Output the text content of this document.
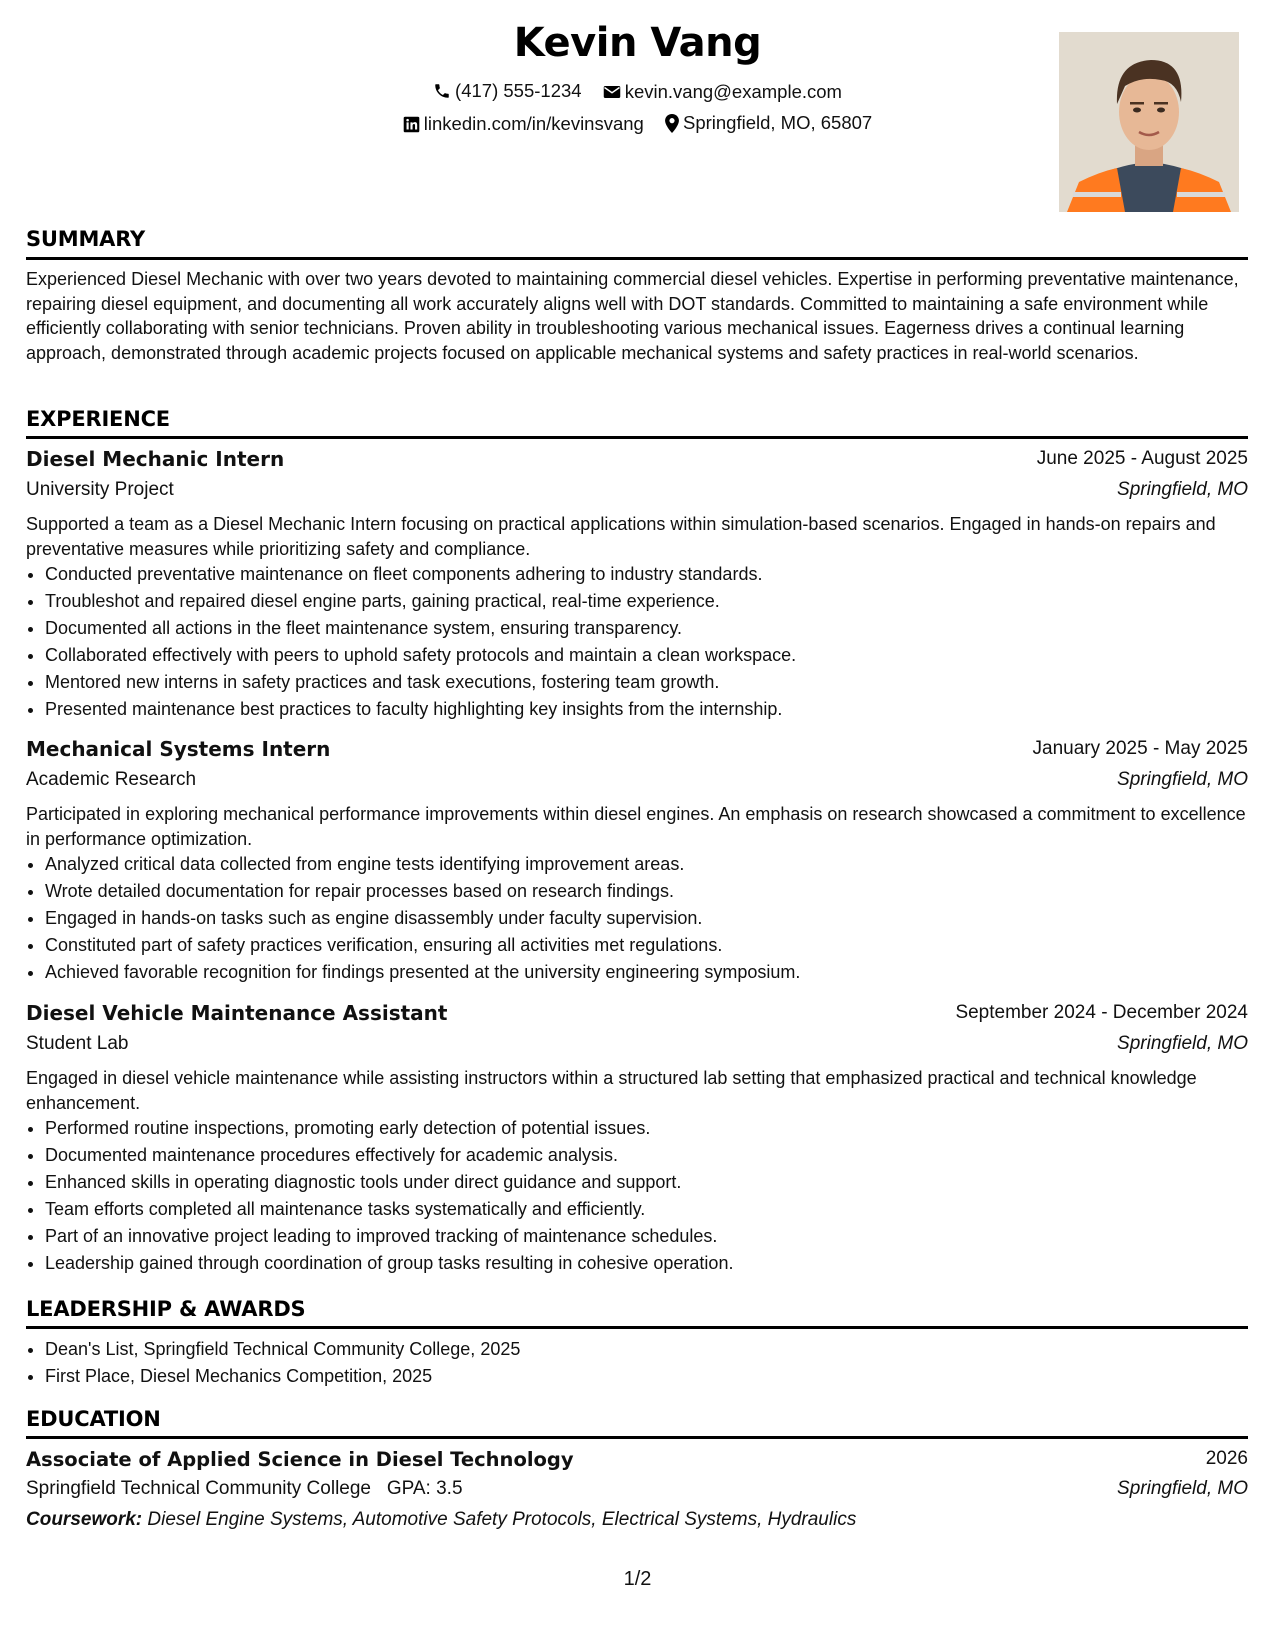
Kevin Vang
(417) 555-1234
kevin.vang@example.com
linkedin.com/in/kevinsvang
Springfield, MO, 65807
SUMMARY
Experienced Diesel Mechanic with over two years devoted to maintaining commercial diesel vehicles. Expertise in performing preventative maintenance, repairing diesel equipment, and documenting all work accurately aligns well with DOT standards. Committed to maintaining a safe environment while efficiently collaborating with senior technicians. Proven ability in troubleshooting various mechanical issues. Eagerness drives a continual learning approach, demonstrated through academic projects focused on applicable mechanical systems and safety practices in real-world scenarios.
EXPERIENCE
Diesel Mechanic Intern	June 2025 - August 2025
University Project	Springfield, MO
Supported a team as a Diesel Mechanic Intern focusing on practical applications within simulation-based scenarios. Engaged in hands-on repairs and preventative measures while prioritizing safety and compliance.
• Conducted preventative maintenance on fleet components adhering to industry standards.
• Troubleshot and repaired diesel engine parts, gaining practical, real-time experience.
• Documented all actions in the fleet maintenance system, ensuring transparency.
• Collaborated effectively with peers to uphold safety protocols and maintain a clean workspace.
• Mentored new interns in safety practices and task executions, fostering team growth.
• Presented maintenance best practices to faculty highlighting key insights from the internship.
Mechanical Systems Intern	January 2025 - May 2025
Academic Research	Springfield, MO
Participated in exploring mechanical performance improvements within diesel engines. An emphasis on research showcased a commitment to excellence in performance optimization.
• Analyzed critical data collected from engine tests identifying improvement areas.
• Wrote detailed documentation for repair processes based on research findings.
• Engaged in hands-on tasks such as engine disassembly under faculty supervision.
• Constituted part of safety practices verification, ensuring all activities met regulations.
• Achieved favorable recognition for findings presented at the university engineering symposium.
Diesel Vehicle Maintenance Assistant	September 2024 - December 2024
Student Lab	Springfield, MO
Engaged in diesel vehicle maintenance while assisting instructors within a structured lab setting that emphasized practical and technical knowledge enhancement.
• Performed routine inspections, promoting early detection of potential issues.
• Documented maintenance procedures effectively for academic analysis.
• Enhanced skills in operating diagnostic tools under direct guidance and support.
• Team efforts completed all maintenance tasks systematically and efficiently.
• Part of an innovative project leading to improved tracking of maintenance schedules.
• Leadership gained through coordination of group tasks resulting in cohesive operation.
LEADERSHIP & AWARDS
• Dean's List, Springfield Technical Community College, 2025
• First Place, Diesel Mechanics Competition, 2025
EDUCATION
Associate of Applied Science in Diesel Technology	2026
Springfield Technical Community College GPA: 3.5	Springfield, MO
Coursework: Diesel Engine Systems, Automotive Safety Protocols, Electrical Systems, Hydraulics
1/2
